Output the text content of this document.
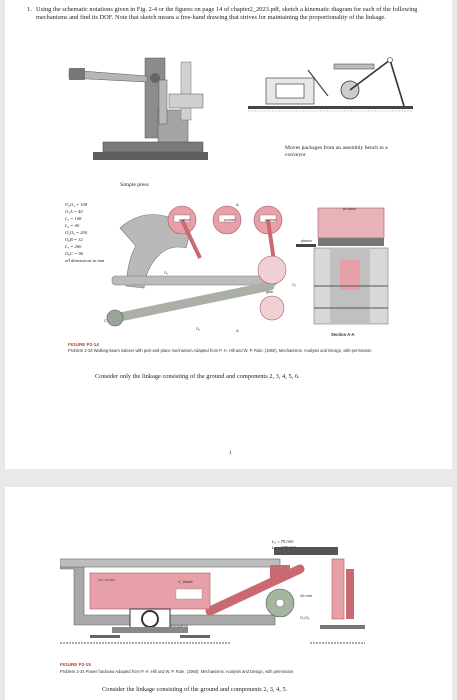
1. Using the schematic notations given in Fig. 2-4 or the figures on page 14 of chapter2_2023.pdf, sketch a kinematic diagram for each of the following mechanisms and find its DOF. Note that sketch means a free-hand drawing that strives for maintaining the proportionality of the linkage.
Simple press
Moves packages from an assembly bench to a conveyor
O₂O₄ = 108
O₂A = 40
L₃ = 108
L₄ = 40
O₂O₆ = 200
O₆B = 32
L₅ = 260
O₆C = 96
all dimensions in mm
product
platen
Section A-A
product	product	product
gear
O₄
O₂
O₆
C
A
A
FIGURE P2-14
Problem 2-33 Walking-beam indexer with pick-and-place mechanism Adapted from P. H. Hill and W. P. Rule. (1960). Mechanisms: Analysis and Design, with permission
Consider only the linkage consisting of the ground and components 2, 3, 4, 5, 6.
1
cut stroke	V_blade
workpiece
O₂O₃
45 mm
L₂ = 75 mm
L₃ = 170 mm
FIGURE P2-15
Problem 2-34 Power hacksaw Adapted from P. H. Hill and W. P. Rule. (1960). Mechanisms: Analysis and Design, with permission
Consider the linkage consisting of the ground and components 2, 3, 4, 5.
